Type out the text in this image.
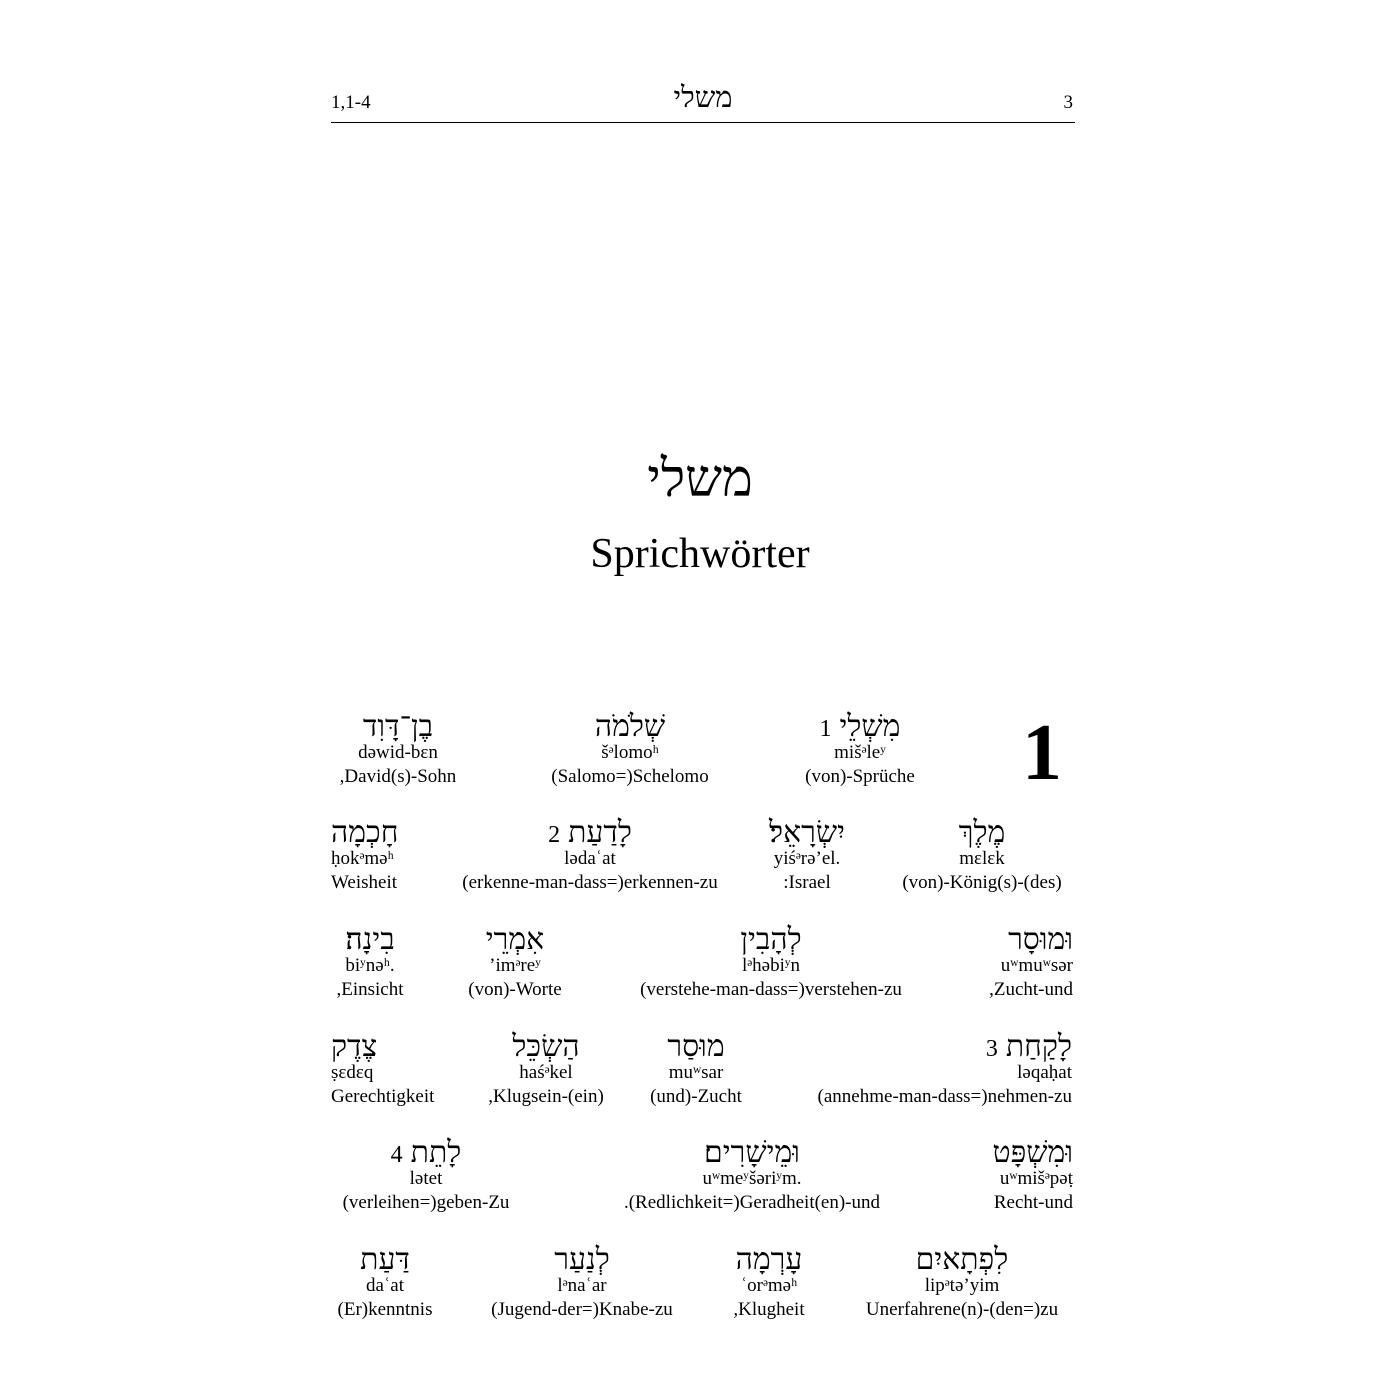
1,1-4	משלי	3
משלי
Sprichwörter
1
מִשְׁלֵי1
mišᵊleʸ
(von)-Sprüche
שְׁלֹמֹה
šᵊlomoʰ
(Salomo=)Schelomo
בֶן־דָּוִד
dəwid-bɛn
,David(s)-Sohn
מֶלֶךְ
mɛlɛk
(von)-König(s)-(des)
יִשְׂרָאֵל׃
yiśᵊrəʼel.
:Israel
לָדַעַת2
lədaʿat
(erkenne-man-dass=)erkennen-zu
חָכְמָה
ḥokᵊməʰ
Weisheit
וּמוּסָר
uʷmuʷsər
,Zucht-und
לְהָבִין
lᵊhəbiʸn
(verstehe-man-dass=)verstehen-zu
אִמְרֵי
ʼimᵊreʸ
(von)-Worte
בִינָה׃
biʸnəʰ.
,Einsicht
לָקַחַת3
ləqaḥat
(annehme-man-dass=)nehmen-zu
מוּסַר
muʷsar
(und)-Zucht
הַשְׂכֵּל
haśᵊkel
,Klugsein-(ein)
צֶדֶק
ṣɛdɛq
Gerechtigkeit
וּמִשְׁפָּט
uʷmišᵊpəṭ
Recht-und
וּמֵישָׁרִים׃
uʷmeʸšəriʸm.
.(Redlichkeit=)Geradheit(en)-und
לָתֵת4
lətet
(verleihen=)geben-Zu
לִפְתָאיִם
lipᵊtəʼyim
Unerfahrene(n)-(den=)zu
עָרְמָה
ʿorᵊməʰ
,Klugheit
לְנַעַר
lᵊnaʿar
(Jugend-der=)Knabe-zu
דַּעַת
daʿat
(Er)kenntnis
